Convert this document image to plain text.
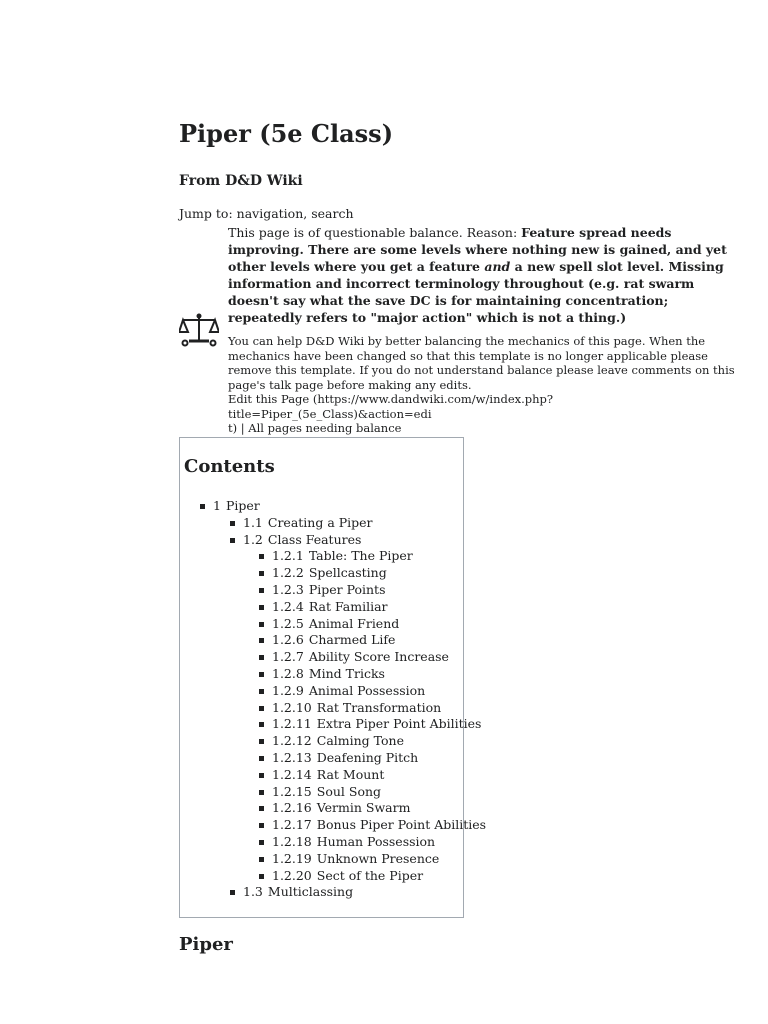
Piper (5e Class)
From D&D Wiki
Jump to: navigation, search
This page is of questionable balance. Reason: Feature spread needs improving. There are some levels where nothing new is gained, and yet other levels where you get a feature and a new spell slot level. Missing information and incorrect terminology throughout (e.g. rat swarm doesn't say what the save DC is for maintaining concentration; repeatedly refers to "major action" which is not a thing.)
You can help D&D Wiki by better balancing the mechanics of this page. When the mechanics have been changed so that this template is no longer applicable please remove this template. If you do not understand balance please leave comments on this page's talk page before making any edits.
Edit this Page (https://www.dandwiki.com/w/index.php?title=Piper_(5e_Class)&action=edi
t) | All pages needing balance
Contents
1 Piper
1.1 Creating a Piper
1.2 Class Features
1.2.1 Table: The Piper
1.2.2 Spellcasting
1.2.3 Piper Points
1.2.4 Rat Familiar
1.2.5 Animal Friend
1.2.6 Charmed Life
1.2.7 Ability Score Increase
1.2.8 Mind Tricks
1.2.9 Animal Possession
1.2.10 Rat Transformation
1.2.11 Extra Piper Point Abilities
1.2.12 Calming Tone
1.2.13 Deafening Pitch
1.2.14 Rat Mount
1.2.15 Soul Song
1.2.16 Vermin Swarm
1.2.17 Bonus Piper Point Abilities
1.2.18 Human Possession
1.2.19 Unknown Presence
1.2.20 Sect of the Piper
1.3 Multiclassing
Piper
